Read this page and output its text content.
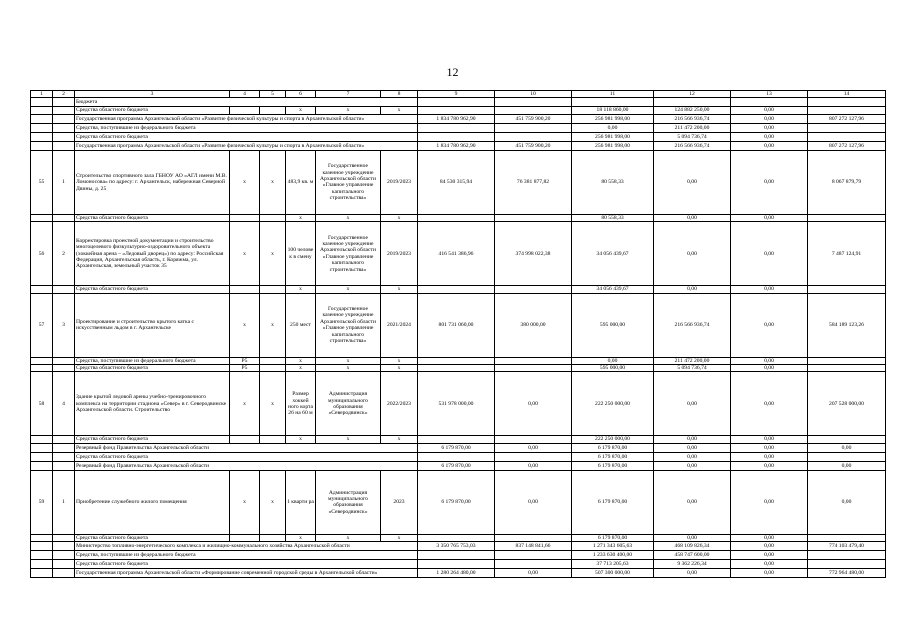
12
1	2	3	4	5	6	7	8	9	10	11	12	13	14
		Бюджета											
		Средства областного бюджета			х	х	х			18 118 860,00	124 882 250,00	0,00	
		Государственная программа Архангельской области «Развитие физической культуры и спорта в Архангельской области»						1 834 780 962,90	451 759 900,20	256 981 998,00	216 566 936,74	0,00	807 272 127,96
		Средства, поступившие из федерального бюджета								0,00	211 472 200,00	0,00	
		Средства областного бюджета								256 981 998,00	5 094 736,74	0,00	
		Государственная программа Архангельской области «Развитие физической культуры и спорта в Архангельской области»						1 834 780 962,90	451 759 900,20	256 981 998,00	216 566 936,74	0,00	807 272 127,96
55	1	Строительство спортивного зала ГБНОУ АО «АГЛ имени М.В. Ломоносова» по адресу: г. Архангельск, набережная Северной Двины, д. 25	х	х	483,9 кв. м	Государственное казенное учреждение Архангельской области «Главное управление капитального строительства»	2019/2023	84 530 315,94	76 381 877,82	80 558,33	0,00	0,00	8 067 879,79
		Средства областного бюджета			х	х	х			80 558,33	0,00	0,00	
56	2	Корректировка проектной документации и строительство многоцелевого физкультурно-оздоровительного объекта (хоккейная арена – «Ледовый дворец») по адресу: Российская Федерация, Архангельская область, г. Коряжма, ул. Архангельская, земельный участок 35	х	х	100 челове к в смену	Государственное казенное учреждение Архангельской области «Главное управление капитального строительства»	2019/2023	416 541 386,96	374 998 022,38	34 056 439,67	0,00	0,00	7 487 124,91
		Средства областного бюджета			х	х	х			34 056 439,67	0,00	0,00	
57	3	Проектирование и строительство крытого катка с искусственным льдом в г. Архангельске	х	х	250 мест	Государственное казенное учреждение Архангельской области «Главное управление капитального строительства»	2021/2024	801 731 060,00	380 000,00	595 000,00	216 566 936,74	0,00	584 189 123,26
		Средства, поступившие из федерального бюджета	P5		х	х	х			0,00	211 472 200,00	0,00	
		Средства областного бюджета	P5		х	х	х			595 000,00	5 094 736,74	0,00	
58	4	Здание крытой ледовой арены учебно-тренировочного комплекса на территории стадиона «Север» в г. Северодвинске Архангельской области. Строительство	х	х	Размер хоккей ного корта 26 на 60 м	Администрация муниципального образования «Северодвинск»	2022/2023	531 978 000,00	0,00	222 250 000,00	0,00	0,00	207 528 000,00
		Средства областного бюджета			х	х	х			222 250 000,00	0,00	0,00	
		Резервный фонд Правительства Архангельской области						6 179 870,00	0,00	6 179 870,00	0,00	0,00	0,00
		Средства областного бюджета								6 179 870,00	0,00	0,00	
		Резервный фонд Правительства Архангельской области						6 179 870,00	0,00	6 179 870,00	0,00	0,00	0,00
59	1	Приобретение служебного жилого помещения	х	х	1 кварти ра	Администрация муниципального образования «Северодвинск»	2023	6 179 870,00	0,00	6 179 870,00	0,00	0,00	0,00
		Средства областного бюджета			х	х	х			6 179 870,00	0,00	0,00	
		Министерство топливно-энергетического комплекса и жилищно-коммунального хозяйства Архангельской области						3 350 765 753,03	837 148 841,66	1 271 343 605,63	468 109 826,34	0,00	774 103 479,40
		Средства, поступившие из федерального бюджета								1 233 630 400,00	458 747 600,00	0,00	
		Средства областного бюджета								37 713 205,63	9 362 226,34	0,00	
		Государственная программа Архангельской области «Формирование современной городской среды в Архангельской области»						1 280 264 480,00	0,00	507 300 000,00	0,00	0,00	772 964 480,00
